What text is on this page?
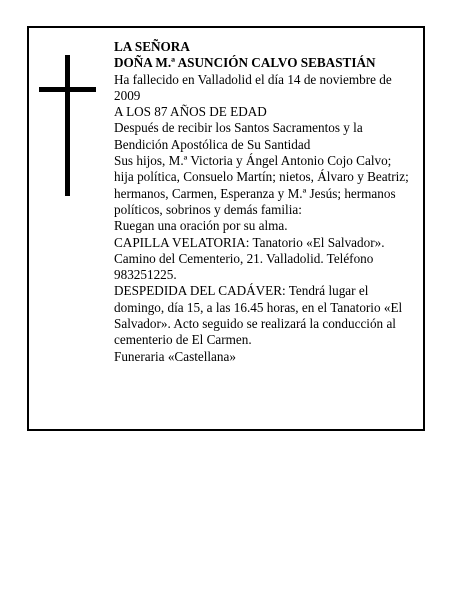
LA SEÑORA

DOÑA M.ª ASUNCIÓN CALVO SEBASTIÁN

Ha fallecido en Valladolid el día 14 de noviembre de 2009

A LOS 87 AÑOS DE EDAD

Después de recibir los Santos Sacramentos y la Bendición Apostólica de Su Santidad

Sus hijos, M.ª Victoria y Ángel Antonio Cojo Calvo; hija política, Consuelo Martín; nietos, Álvaro y Beatriz; hermanos, Carmen, Esperanza y M.ª Jesús; hermanos políticos, sobrinos y demás familia:

Ruegan una oración por su alma.

CAPILLA VELATORIA: Tanatorio «El Salvador». Camino del Cementerio, 21. Valladolid. Teléfono 983251225.

DESPEDIDA DEL CADÁVER: Tendrá lugar el domingo, día 15, a las 16.45 horas, en el Tanatorio «El Salvador». Acto seguido se realizará la conducción al cementerio de El Carmen.

Funeraria «Castellana»
